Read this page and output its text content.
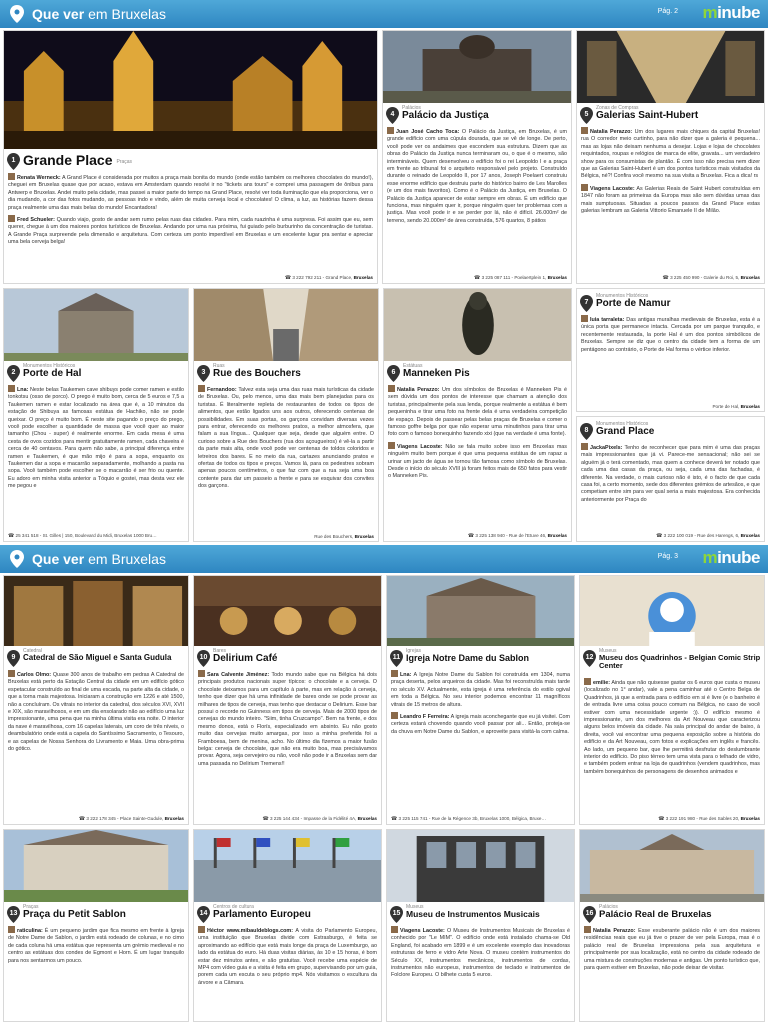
Que ver em Bruxelas	Pág. 2 minube
Que ver em Bruxelas	Pág. 3 minube
1 Grande Place Praças

Renata Werneck: A Grand Place é considerada por muitos a praça mais bonita do mundo (onde estão também os melhores chocolates do mundo!), cheguei em Bruxelas quase que por acaso, estava em Amsterdam quando resolvi ir no "tickets ans tours" e comprei uma passagem de ônibus para Antwerp e Bruxelas. Andei muito pela cidade, mas passei a maior parte do tempo na Grand Place, resolvi ver toda iluminação que ela proporciona, ver o dia mudando, a cor das fotos mudando, as pessoas indo e vindo, além de muita cerveja local e chocolates! O clima, a luz, as histórias fazem dessa praça realmente uma das mais belas do mundo! Encantadora!

Fred Schueler: Quando viajo, gosto de andar sem rumo pelas ruas das cidades. Para mim, cada ruazinha é uma surpresa. Foi assim que eu, sem querer, chegue à um dos maiores pontos turísticos de Bruxelas. Andando por uma rua próxima, fui guiado pelo burburinho da concentração de turistas. A Grande Praça surpreende pela dimensão e arquitetura. Com certeza um ponto imperdível em Bruxelas e um excelente lugar pra sentar e apreciar uma bela cerveja belga!

☎ 3 222 792 211 - Grand Place, Bruxelas
4
Palácios
Palácio da Justiça

Juan José Cacho Toca: O Palácio da Justiça, em Bruxelas, é um grande edifício com uma cúpula dourada, que se vê de longe. De perto, você pode ver os andaimes que escondem sua estrutura. Dizem que as obras do Palácio da Justiça nunca terminaram ou, o que é o mesmo, são intermináveis. Quem desenvolveu o edifício foi o rei Leopoldo I e a praça em frente ao tribunal foi o arquiteto responsável pelo projeto. Construído durante o reinado de Leopoldo II, por 17 anos, Joseph Poelaert construiu esse enorme edifício que destruiu parte do histórico bairro de Les Marolles (e um dos mais favoritos). Como é o Palácio da Justiça, em Bruxelas. O Palácio da Justiça aparecer de estar sempre em obras. É um edifício que funciona, mas ninguém quer ir, porque ninguém quer ter problemas com a justiça. Mas você pode ir e se perder por lá, não é difícil. 26.000m² de terreno, sendo 20.000m² de área construída, 576 quartos, 8 pátios

☎ 3 225 087 111 - Poelaertplein 1, Bruxelas
5
Zonas de Compras
Galerias Saint-Hubert

Natalia Perazzo: Um dos lugares mais chiques da capital Bruxelas! rua O corredor meio curtinho, para não dizer que a galeria é pequena... mas as lojas não deixam nenhuma a desejar. Lojas e lojas de chocolates requintados, roupas e relógios de marca de elite, gravata... um verdadeiro show para os consumistas de plantão. É com isso não precisa nem dizer que as Galerias Saint-Hubert é um dos pontos turísticos mais visitados da Bélgica, né?! Confira você mesmo na sua visita a Bruxelas. Fica a dica! rs

Viagens Lacoste: As Galerias Reais de Saint Hubert construídas em 1847 não foram as primeiras da Europa mas são sem dúvidas umas das mais sumptuosas. Situadas a poucos passos da Grand Place estas galerias lembram as Galeria Vittorio Emanuele II de Milão.

☎ 3 225 450 990 - Galerie du Roi, 5, Bruxelas
2
Monumentos Históricos
Porte de Hal

Lna: Neste belas Taukemen cave shibuys pode comer ramen e estilo tonkotsu (osso de porco). O prego é muito bom, cerca de 5 euros e 7,5 a Taukemen ramen e estar localizado na área que é, a 10 minutos da estação de Shibuya as famosas estátua de Hachiko, não se pode queixar. O preço é muito bom. É neste site pagando o preço do prego, você pode escolher a quantidade de massa que você quer ao maior tamanho (Chou - super) é realmente enorme. Em cada mesa é uma cesta de ovos cozidos para mentir gratuitamente ramen, cada chaveira é cerca de 40 centavos. Para quem não sabe, a principal diferença entre ramen e Taukemen, é que mão mijo é para a sopa, enquanto os Taukemen dar a sopa e macarrão separadamente, molhando a pasta na sopa. Você também pode escolher se o macarrão é ser frio ou quente. Eu adoro em minha visita anterior a Tóquio e gostei, mas desta vez ele me pegou e

☎ 25 341 518 - St. Gilles | 150, Boulevard du Midi, Bruxelas 1000 Bru…
3
Ruas
Rue des Bouchers

Fernandoo: Talvez esta seja uma das ruas mais turísticas da cidade de Bruxelas. Ou, pelo menos, uma das mais bem planejadas para os turistas. É literalmente repleta de restaurantes de todos os tipos de alimentos, que estão ligados uns aos outros, oferecendo centenas de possibilidades. Em suas portas, os garçons convidam diversas vezes para entrar, oferecendo os melhores pratos, a melhor atmosfera, que falam a sua língua... Qualquer que seja, desde que alguém entre. O curioso sobre a Rue des Bouchers (rua dos açougueiros) é vê-la a partir da parte mais alta, onde você pode ver centenas de toldos coloridos e letreiros dos bares. E no meio da rua, cartazes anunciando pratos e ofertas de todos os tipos e preços. Vamos lá, para os pedestres sobram apenas poucos centímetros, o que faz com que a rua seja uma boa contente para dar um passeio a frente e para se esquivar dos convites dos garçons.

Rue des Bouchers, Bruxelas
6
Estátuas
Manneken Pis

Natalia Perazzo: Um dos símbolos de Bruxelas é Manneken Pis é sem dúvida um dos pontos de interesse que chamam a atenção dos turistas, principalmente pela sua lenda, porque realmente a estátua é bem pequeninha e tirar uma foto na frente dela é uma verdadeira competição de espaço. Depois de passear pelas belas praças de Bruxelas e comer o famoso goffre belga por que não esperar uma minutinhos para tirar uma foto com o famoso bonequinho fazendo xixi (que na verdade é uma fonte).

Viagens Lacoste: Não se fala muito sobre isso em Bruxelas mas ninguém muito bem porque é que uma pequena estátua de um rapaz a urinar um jacto de água se tornou tão famosa como símbolo de Bruxelas. Desde o início do século XVIII já foram feitos mais de 650 fatos para vestir o Manneken Pis.

☎ 3 225 138 940 - Rue de l'Etuve 46, Bruxelas
7
Monumentos Históricos
Porte de Namur

Iuia tarraleta: Das antigas muralhas medievais de Bruxelas, esta é a única porta que permanece intacta. Cercada por um parque tranquilo, e recentemente restaurada, la porte Hal é um dos pontos simbólicos de Bruxelas. Sempre se diz que o centro da cidade tem a forma de um pentágono ao contrário, o Porte de Hal forma o vértice inferior.

Porte de Hal, Bruxelas
8
Monumentos Históricos
Grand Place

JackaPixels: Tenho de reconhecer que para mim é uma das praças mais impressionantes que já vi. Parece-me sensacional; não sei se alguém já o terá comentado, mas quem a conhece deverá ter notado que cada uma das casas da praça, ou seja, cada uma das fachadas, é diferente. Na verdade, o mais curioso não é isto, é o facto de que cada casa foi, a certo momento, sede dos diferentes grémios de artesãos, e que competiam entre sim para ver qual seria a mais majestosa. Era conhecida anteriormente por Praça do

☎ 3 222 100 019 - Rue des Harengs, 6, Bruxelas
9
Catedral
Catedral de São Miguel e Santa Gudula

Carlos Olmo: Quase 300 anos de trabalho em pedras A Catedral de Bruxelas está perto da Estação Central da cidade em um edifício gótico espetacular construído ao final de uma escada, na parte alta da cidade, o que a torna mais majestosa. Iniciaram a construção em 1226 e até 1500, não a concluíram. Os vitrais no interior da catedral, dos séculos XVI, XVII e XIX, são maravilhosos, e em um dia ensolarado não ao edifício uma luz impressionante, uma pena que na minha última visita era noite. O interior da nave é maravilhosa, com 16 capelas laterais, um coro de três níveis, o deambulatório onde está a capela do Santíssimo Sacramento, o Tesouro, e as capelas de Nossa Senhora do Livramento e Maia. Uma obra-prima do gótico.

☎ 3 222 178 345 - Place Sainte-Gudule, Bruxelas
10
Bares
Delirium Café

Sara Calvente Jiménez: Todo mundo sabe que na Bélgica há dois principais produtos nacionais super típicos: o chocolate e a cerveja. O chocolate deixamos para um capítulo à parte, mas em relação à cerveja, tenho que dizer que há uma infinidade de bares onde se pode provar as milhares de tipos de cerveja, mas tenho que destacar o Delirium. Esse bar possui o recorde no Guinness em tipos de cerveja. Mais de 2000 tipos de cervejas do mundo inteiro. "Siim, tinha Cruzcampo". Bem na frente, e dos mesmo donos, está o Florís, especializado em absinto. Eu não gosto muito das cervejas muito amargas, por isso a minha preferida foi a Framboesa, bem de menina, acho. No último dia fizemos a maior fusão belga: cerveja de chocolate, que não era muito boa, mas precisávamos provar. Agora, seja cervejeiro ou não, você não pode ir a Bruxelas sem dar uma passada no Delirium Tremens!!

☎ 3 225 144 434 - Impasse de la Fidélité 4A, Bruxelas
11
Igrejas
Igreja Notre Dame du Sablon

Lna: A Igreja Notre Dame du Sablon foi construída em 1304, numa praça deserta, pelos arqueiros da cidade. Mas foi reconstruída mais tarde no século XV. Actualmente, esta igreja é uma referência do estilo ogival em toda a Bélgica. No seu interior podemos encontrar 11 magníficos vitrais de 15 metros de altura.

Leandro F Ferreira: A igreja mais aconchegante que eu já visitei. Com certeza estará chovendo quando você passar por ali... Então, proteja-se da chuva em Notre Dame du Sablon, e aproveite para visitá-la com calma.

☎ 3 225 115 741 - Rue de la Régence 3b, Bruxelas 1000, Bélgica, Bruxe…
12
Museus
Museu dos Quadrinhos - Belgian Comic Strip Center

emilie: Ainda que não quisesse gastar os 6 euros que custa o museu (localizado no 1° andar), vale a pena caminhar até o Centro Belga de Quadrinhos, já que a entrada para o edifício em si é livre (e o banheiro é de entrada livre uma coisa pouco comum na Bélgica, no caso de você estiver com uma necessidade urgente :)). O edifício mesmo é impressionante, um dos melhores da Art Nouveau que caracterizou alguns belos imóveis da cidade. Na sala principal do andar de baixo, à direita, você vai encontrar uma pequena exposição sobre a história do edifício e da Art Nouveau, com fotos e explicações em inglês e francês. Ao lado, um pequeno bar, que lhe permitirá desfrutar do deslumbrante interior do edifício. Do piso térreo tem uma vista para o telhado de vidro, e também podem entrar na loja de quadrinhos (vendem quadrinhos, mas também bonequinhos de personagens de desenhos animados e

☎ 3 222 191 980 - Rue des Sables 20, Bruxelas
13
Praças
Praça du Petit Sablon

raticulina: É um pequeno jardim que fica mesmo em frente à Igreja de Notre Dame de Sablon, o jardim está rodeado de colunas, e no cimo de cada coluna há uma estátua que representa um grémio medieval e no centro as estátuas dos condes de Egmont e Horn. É um lugar tranquilo para nos sentarmos um pouco.

14
Centros de cultura
Parlamento Europeu

Héctor www.mibauldeblogs.com: A visita do Parlamento Europeu, uma instituição que Bruxelas divide com Estrasburgo, é feita se aproximando ao edifício que está mais longe da praça de Luxemburgo, ao lado da estátua do euro. Há duas visitas diárias, às 10 e 15 horas, é bom estar dez minutos antes, e são gratuitas. Você recebe uma espécie de MP4 com vídeo guia e a visita é feita em grupo, supervisando por um guia, porem cada um escuta o seu próprio mp4. Nós visitamos o escultura da árvore e a Câmara.

15
Museus
Museu de Instrumentos Musicais

Viagens Lacoste: O Museu de Instrumentos Musicais de Bruxelas é conhecido por "Le MIM". O edifício onde está instalado chama-se Old England, foi acabado em 1899 e é um excelente exemplo das inovadoras estruturas de ferro e vidro Arte Nova. O museu contém instrumentos do Século XX, instrumentos mecânicos, instrumentos de cordas, instrumentos não europeus, instrumentos de teclado e instrumentos de Folclore Europeu. O bilhete custa 5 euros.

16
Palácios
Palácio Real de Bruxelas

Natalia Perazzo: Esse exuberante palácio não é um dos maiores residências reais que eu já tive o prazer de ver pela Europa, mas é o palácio real de Bruxelas impressiona pela sua arquitetura e principalmente por sua localização, está no centro da cidade rodeado de uma mistura de construções modernas e antigas. Um ponto turístico que, para quem estiver em Bruxelas, não pode deixar de visitar.
